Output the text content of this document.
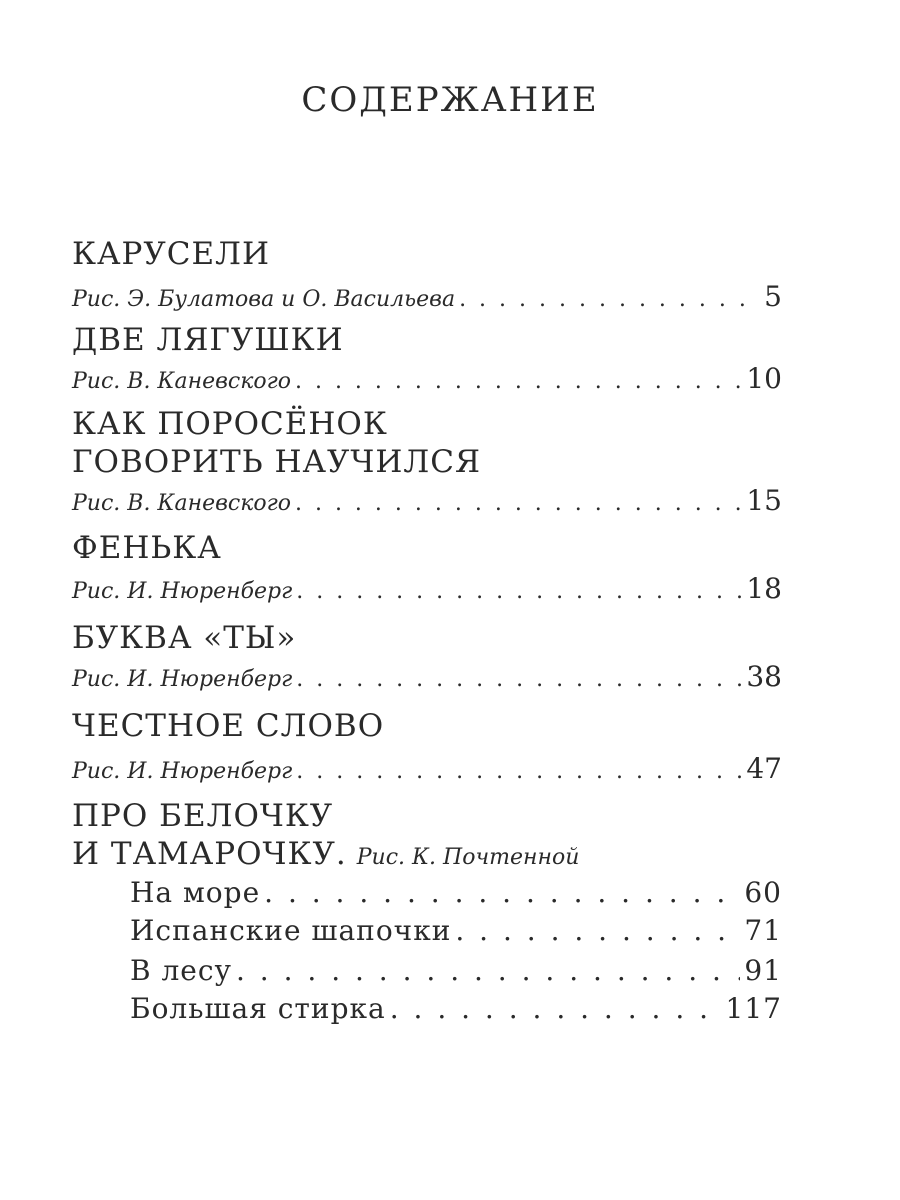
СОДЕРЖАНИЕ
КАРУСЕЛИ
Рис. Э. Булатова и О. Васильева . . .	5
ДВЕ ЛЯГУШКИ
Рис. В. Каневского . . .	10
КАК ПОРОСЁНОК
ГОВОРИТЬ НАУЧИЛСЯ
Рис. В. Каневского . . .	15
ФЕНЬКА
Рис. И. Нюренберг . . .	18
БУКВА «ТЫ»
Рис. И. Нюренберг . . .	38
ЧЕСТНОЕ СЛОВО
Рис. И. Нюренберг . . .	47
ПРО БЕЛОЧКУ
И ТАМАРОЧКУ. Рис. К. Почтенной
На море . . .	60
Испанские шапочки . . .	71
В лесу . . .	91
Большая стирка . . .	117
